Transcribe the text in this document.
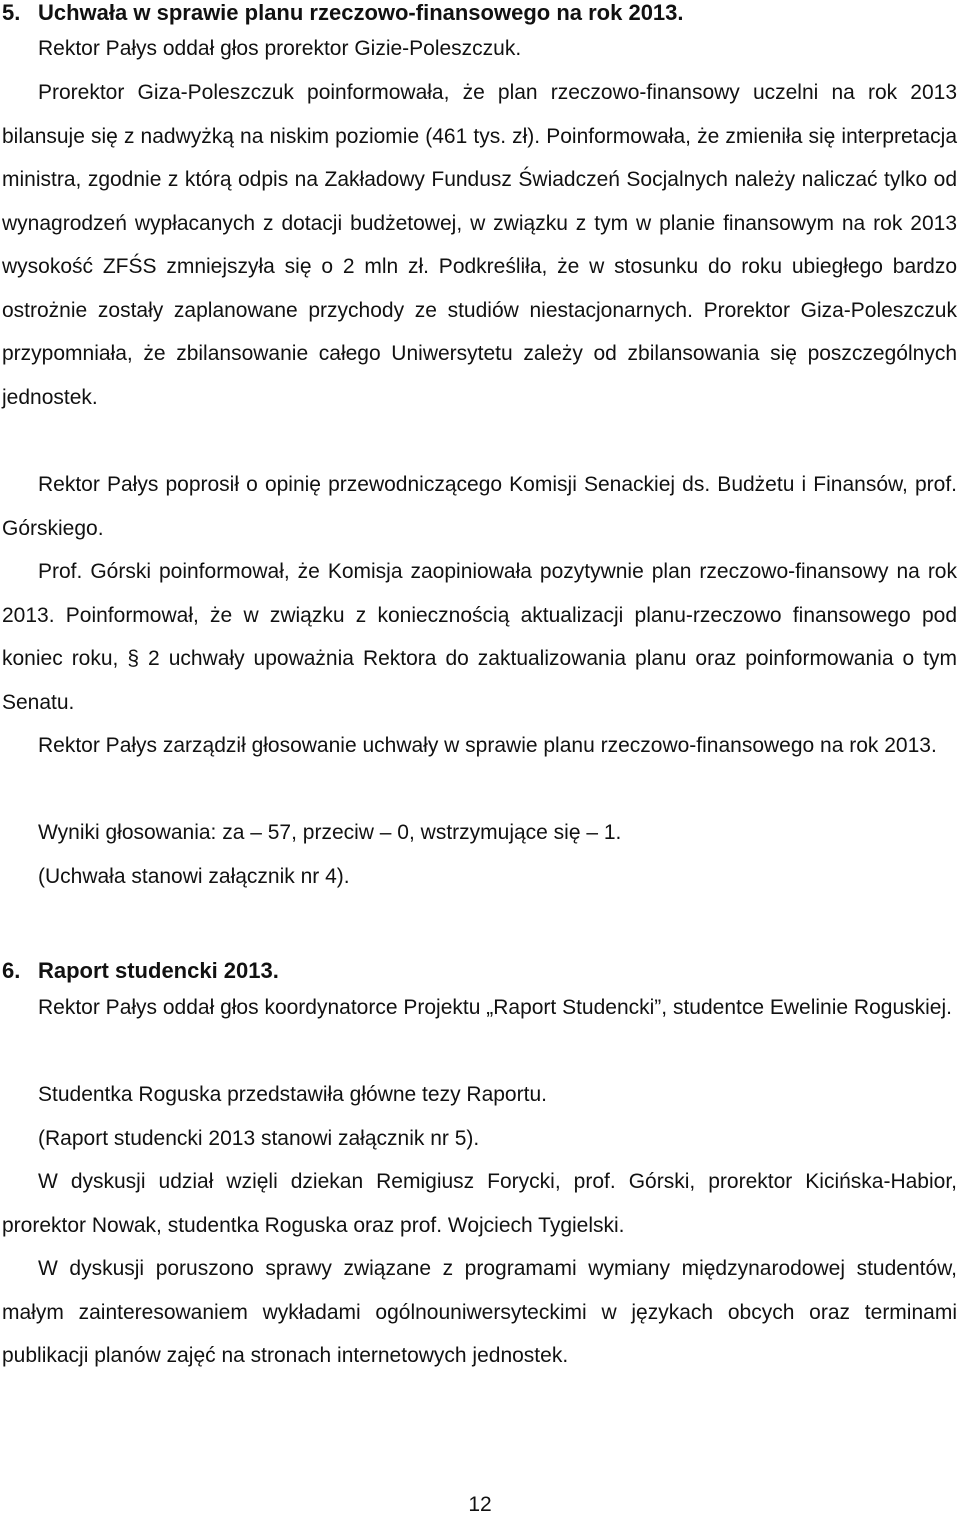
5. Uchwała w sprawie planu rzeczowo-finansowego na rok 2013.

Rektor Pałys oddał głos prorektor Gizie-Poleszczuk.

Prorektor Giza-Poleszczuk poinformowała, że plan rzeczowo-finansowy uczelni na rok 2013 bilansuje się z nadwyżką na niskim poziomie (461 tys. zł). Poinformowała, że zmieniła się interpretacja ministra, zgodnie z którą odpis na Zakładowy Fundusz Świadczeń Socjalnych należy naliczać tylko od wynagrodzeń wypłacanych z dotacji budżetowej, w związku z tym w planie finansowym na rok 2013 wysokość ZFŚS zmniejszyła się o 2 mln zł. Podkreśliła, że w stosunku do roku ubiegłego bardzo ostrożnie zostały zaplanowane przychody ze studiów niestacjonarnych. Prorektor Giza-Poleszczuk przypomniała, że zbilansowanie całego Uniwersytetu zależy od zbilansowania się poszczególnych jednostek.

Rektor Pałys poprosił o opinię przewodniczącego Komisji Senackiej ds. Budżetu i Finansów, prof. Górskiego.

Prof. Górski poinformował, że Komisja zaopiniowała pozytywnie plan rzeczowo-finansowy na rok 2013. Poinformował, że w związku z koniecznością aktualizacji planu-rzeczowo finansowego pod koniec roku, § 2 uchwały upoważnia Rektora do zaktualizowania planu oraz poinformowania o tym Senatu.

Rektor Pałys zarządził głosowanie uchwały w sprawie planu rzeczowo-finansowego na rok 2013.

Wyniki głosowania: za – 57, przeciw – 0, wstrzymujące się – 1.

(Uchwała stanowi załącznik nr 4).

6. Raport studencki 2013.

Rektor Pałys oddał głos koordynatorce Projektu „Raport Studencki”, studentce Ewelinie Roguskiej.

Studentka Roguska przedstawiła główne tezy Raportu.

(Raport studencki 2013 stanowi załącznik nr 5).

W dyskusji udział wzięli dziekan Remigiusz Forycki, prof. Górski, prorektor Kicińska-Habior, prorektor Nowak, studentka Roguska oraz prof. Wojciech Tygielski.

W dyskusji poruszono sprawy związane z programami wymiany międzynarodowej studentów, małym zainteresowaniem wykładami ogólnouniwersyteckimi w językach obcych oraz terminami publikacji planów zajęć na stronach internetowych jednostek.

12
